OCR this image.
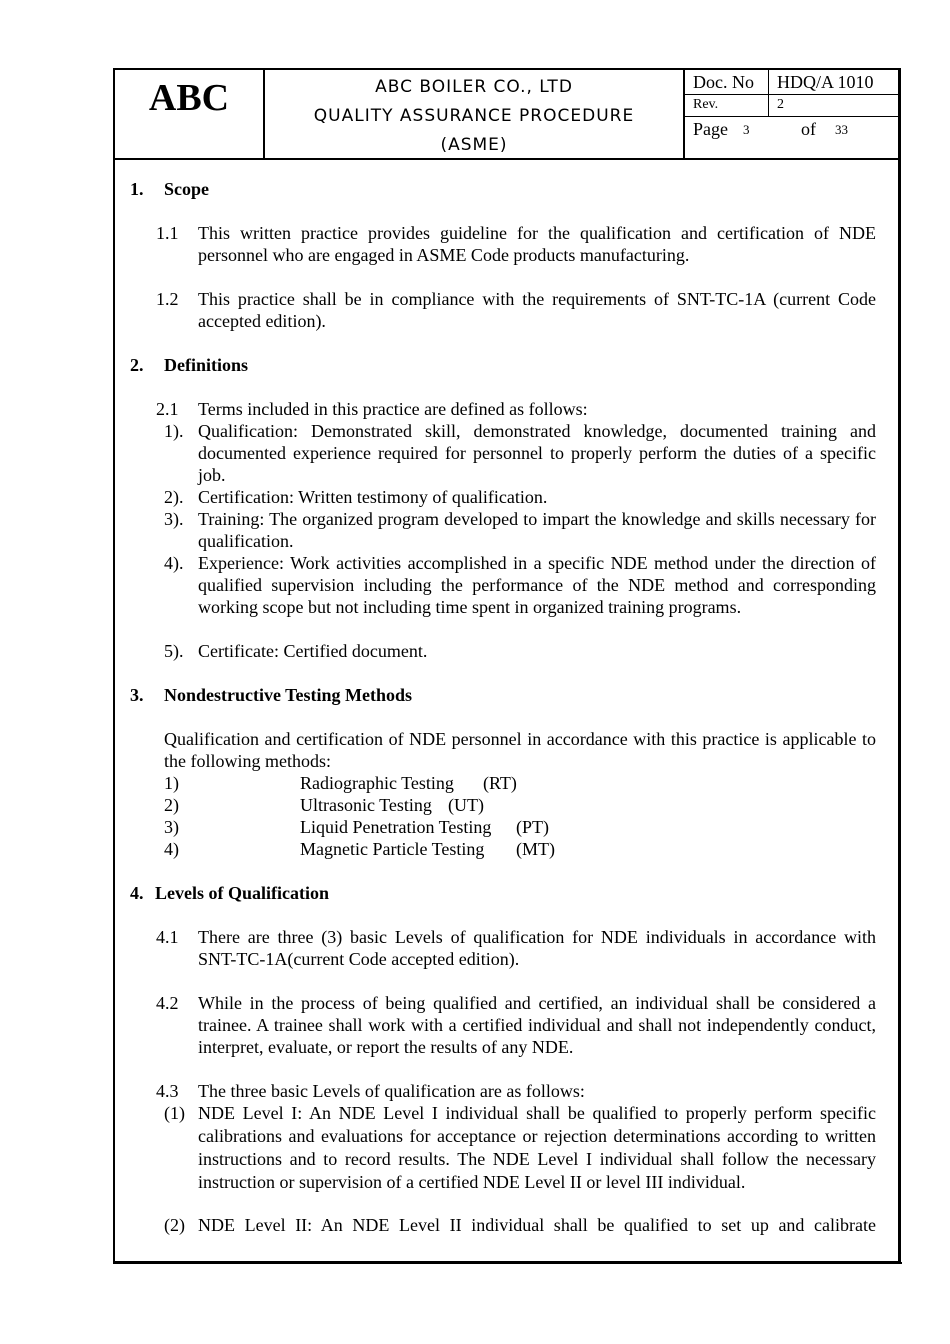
ABC	ABC BOILER CO., LTD
QUALITY ASSURANCE PROCEDURE
(ASME)
Doc. No	HDQ/A 1010
Rev.	2
Page 3	of 33
1. Scope
1.1 This written practice provides guideline for the qualification and certification of NDE personnel who are engaged in ASME Code products manufacturing.
1.2 This practice shall be in compliance with the requirements of SNT-TC-1A (current Code accepted edition).
2. Definitions
2.1 Terms included in this practice are defined as follows:
1). Qualification: Demonstrated skill, demonstrated knowledge, documented training and documented experience required for personnel to properly perform the duties of a specific job.
2). Certification: Written testimony of qualification.
3). Training: The organized program developed to impart the knowledge and skills necessary for qualification.
4). Experience: Work activities accomplished in a specific NDE method under the direction of qualified supervision including the performance of the NDE method and corresponding working scope but not including time spent in organized training programs.
5). Certificate: Certified document.
3. Nondestructive Testing Methods
Qualification and certification of NDE personnel in accordance with this practice is applicable to the following methods:
1)	Radiographic Testing (RT)
2)	Ultrasonic Testing (UT)
3)	Liquid Penetration Testing (PT)
4)	Magnetic Particle Testing (MT)
4. Levels of Qualification
4.1 There are three (3) basic Levels of qualification for NDE individuals in accordance with SNT-TC-1A(current Code accepted edition).
4.2 While in the process of being qualified and certified, an individual shall be considered a trainee. A trainee shall work with a certified individual and shall not independently conduct, interpret, evaluate, or report the results of any NDE.
4.3 The three basic Levels of qualification are as follows:
(1) NDE Level I: An NDE Level I individual shall be qualified to properly perform specific calibrations and evaluations for acceptance or rejection determinations according to written instructions and to record results. The NDE Level I individual shall follow the necessary instruction or supervision of a certified NDE Level II or level III individual.
(2) NDE Level II: An NDE Level II individual shall be qualified to set up and calibrate
